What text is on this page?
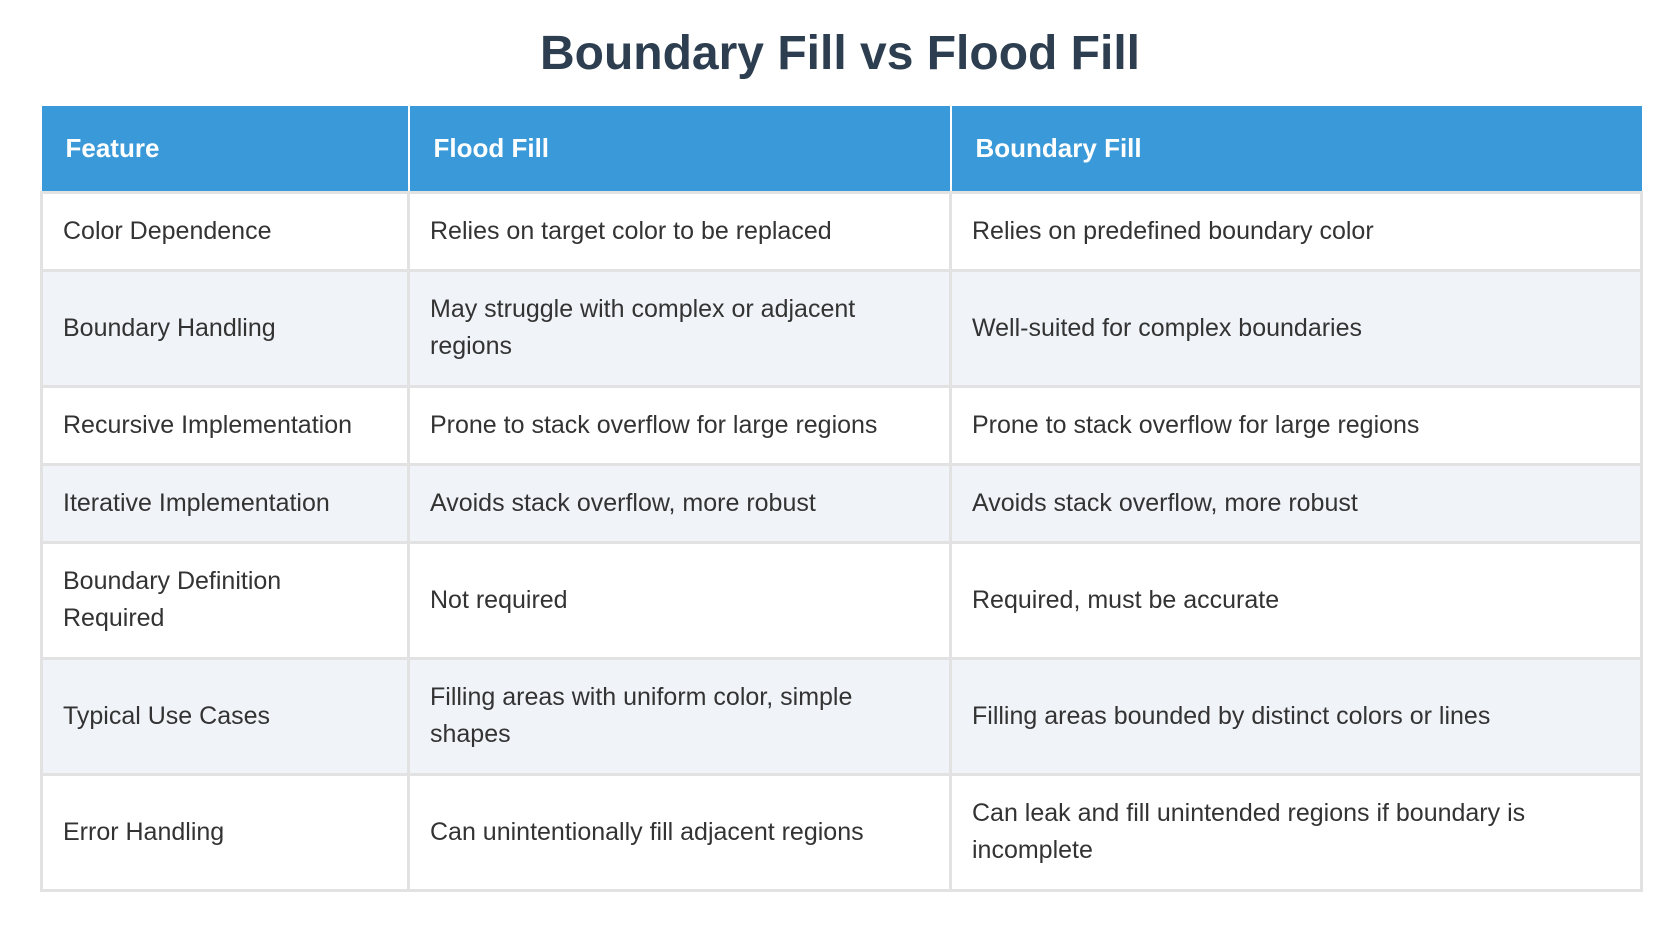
Boundary Fill vs Flood Fill
Feature	Flood Fill	Boundary Fill
Color Dependence	Relies on target color to be replaced	Relies on predefined boundary color
Boundary Handling	May struggle with complex or adjacent regions	Well-suited for complex boundaries
Recursive Implementation	Prone to stack overflow for large regions	Prone to stack overflow for large regions
Iterative Implementation	Avoids stack overflow, more robust	Avoids stack overflow, more robust
Boundary Definition Required	Not required	Required, must be accurate
Typical Use Cases	Filling areas with uniform color, simple shapes	Filling areas bounded by distinct colors or lines
Error Handling	Can unintentionally fill adjacent regions	Can leak and fill unintended regions if boundary is incomplete
